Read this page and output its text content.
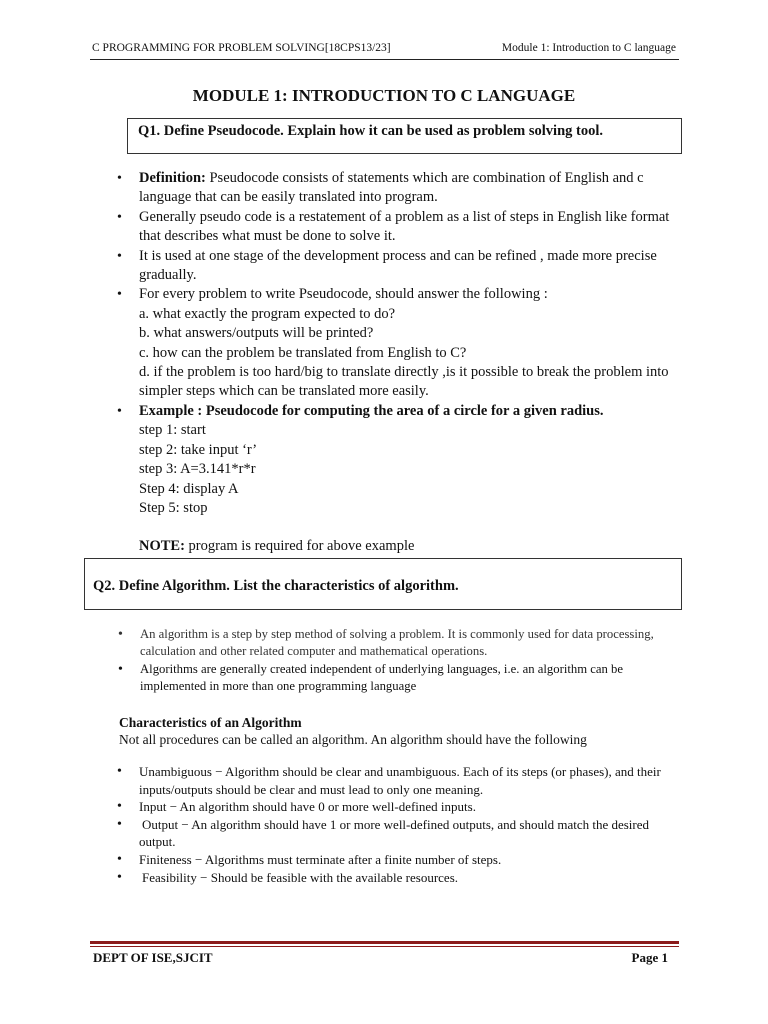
C PROGRAMMING FOR PROBLEM SOLVING[18CPS13/23]	Module 1: Introduction to C language
MODULE 1: INTRODUCTION TO C LANGUAGE
Q1. Define Pseudocode. Explain how it can be used as problem solving tool.
• Definition: Pseudocode consists of statements which are combination of English and c language that can be easily translated into program.
• Generally pseudo code is a restatement of a problem as a list of steps in English like format that describes what must be done to solve it.
• It is used at one stage of the development process and can be refined , made more precise gradually.
• For every problem to write Pseudocode, should answer the following :
a. what exactly the program expected to do?
b. what answers/outputs will be printed?
c. how can the problem be translated from English to C?
d. if the problem is too hard/big to translate directly ,is it possible to break the problem into simpler steps which can be translated more easily.
• Example : Pseudocode for computing the area of a circle for a given radius.
step 1: start
step 2: take input ‘r’
step 3: A=3.141*r*r
Step 4: display A
Step 5: stop
NOTE: program is required for above example
Q2. Define Algorithm. List the characteristics of algorithm.
• An algorithm is a step by step method of solving a problem. It is commonly used for data processing, calculation and other related computer and mathematical operations.
• Algorithms are generally created independent of underlying languages, i.e. an algorithm can be implemented in more than one programming language
Characteristics of an Algorithm
Not all procedures can be called an algorithm. An algorithm should have the following
• Unambiguous − Algorithm should be clear and unambiguous. Each of its steps (or phases), and their inputs/outputs should be clear and must lead to only one meaning.
• Input − An algorithm should have 0 or more well-defined inputs.
• Output − An algorithm should have 1 or more well-defined outputs, and should match the desired output.
• Finiteness − Algorithms must terminate after a finite number of steps.
• Feasibility − Should be feasible with the available resources.
DEPT OF ISE,SJCIT	Page 1
